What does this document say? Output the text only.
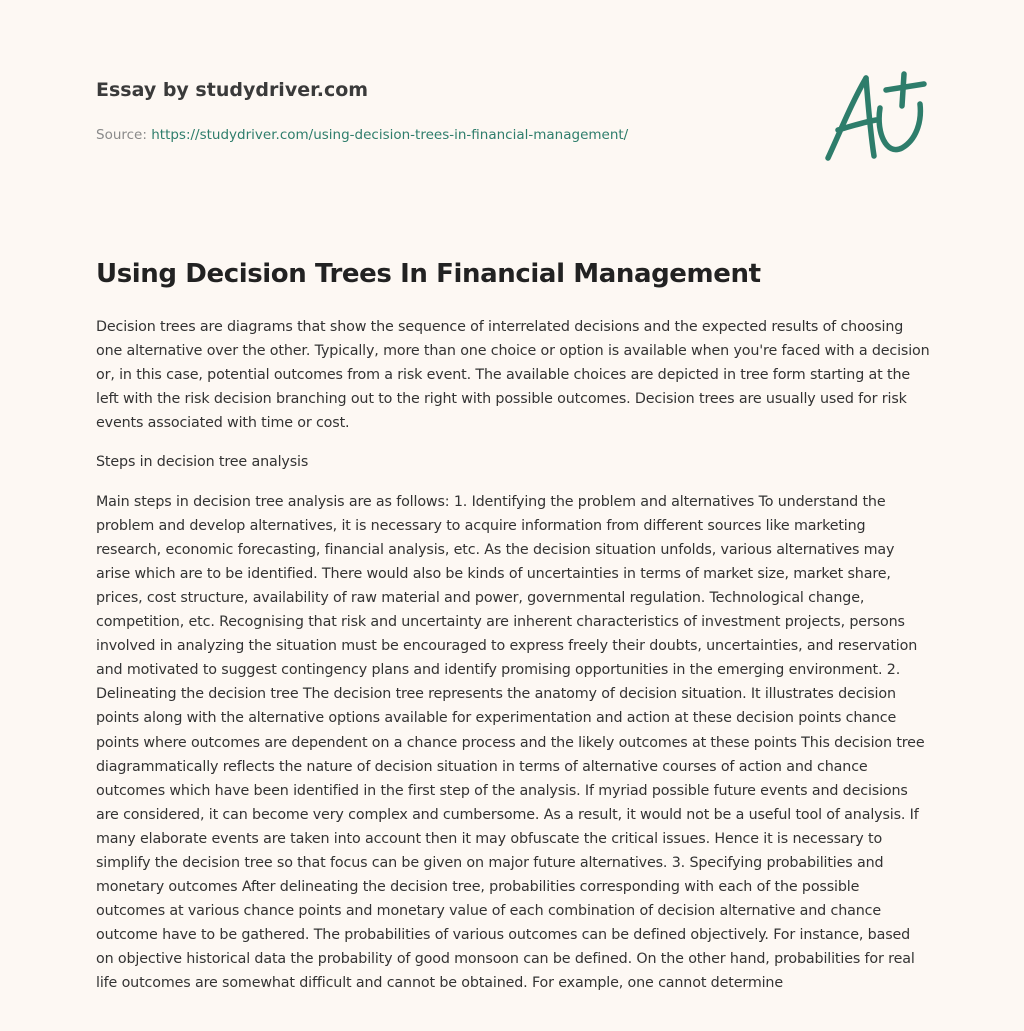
Essay by studydriver.com
Source: https://studydriver.com/using-decision-trees-in-financial-management/
Using Decision Trees In Financial Management

Decision trees are diagrams that show the sequence of interrelated decisions and the expected results of choosing one alternative over the other. Typically, more than one choice or option is available when you're faced with a decision or, in this case, potential outcomes from a risk event. The available choices are depicted in tree form starting at the left with the risk decision branching out to the right with possible outcomes. Decision trees are usually used for risk events associated with time or cost.

Steps in decision tree analysis

Main steps in decision tree analysis are as follows: 1. Identifying the problem and alternatives To understand the problem and develop alternatives, it is necessary to acquire information from different sources like marketing research, economic forecasting, financial analysis, etc. As the decision situation unfolds, various alternatives may arise which are to be identified. There would also be kinds of uncertainties in terms of market size, market share, prices, cost structure, availability of raw material and power, governmental regulation. Technological change, competition, etc. Recognising that risk and uncertainty are inherent characteristics of investment projects, persons involved in analyzing the situation must be encouraged to express freely their doubts, uncertainties, and reservation and motivated to suggest contingency plans and identify promising opportunities in the emerging environment. 2. Delineating the decision tree The decision tree represents the anatomy of decision situation. It illustrates decision points along with the alternative options available for experimentation and action at these decision points chance points where outcomes are dependent on a chance process and the likely outcomes at these points This decision tree diagrammatically reflects the nature of decision situation in terms of alternative courses of action and chance outcomes which have been identified in the first step of the analysis. If myriad possible future events and decisions are considered, it can become very complex and cumbersome. As a result, it would not be a useful tool of analysis. If many elaborate events are taken into account then it may obfuscate the critical issues. Hence it is necessary to simplify the decision tree so that focus can be given on major future alternatives. 3. Specifying probabilities and monetary outcomes After delineating the decision tree, probabilities corresponding with each of the possible outcomes at various chance points and monetary value of each combination of decision alternative and chance outcome have to be gathered. The probabilities of various outcomes can be defined objectively. For instance, based on objective historical data the probability of good monsoon can be defined. On the other hand, probabilities for real life outcomes are somewhat difficult and cannot be obtained. For example, one cannot determine
